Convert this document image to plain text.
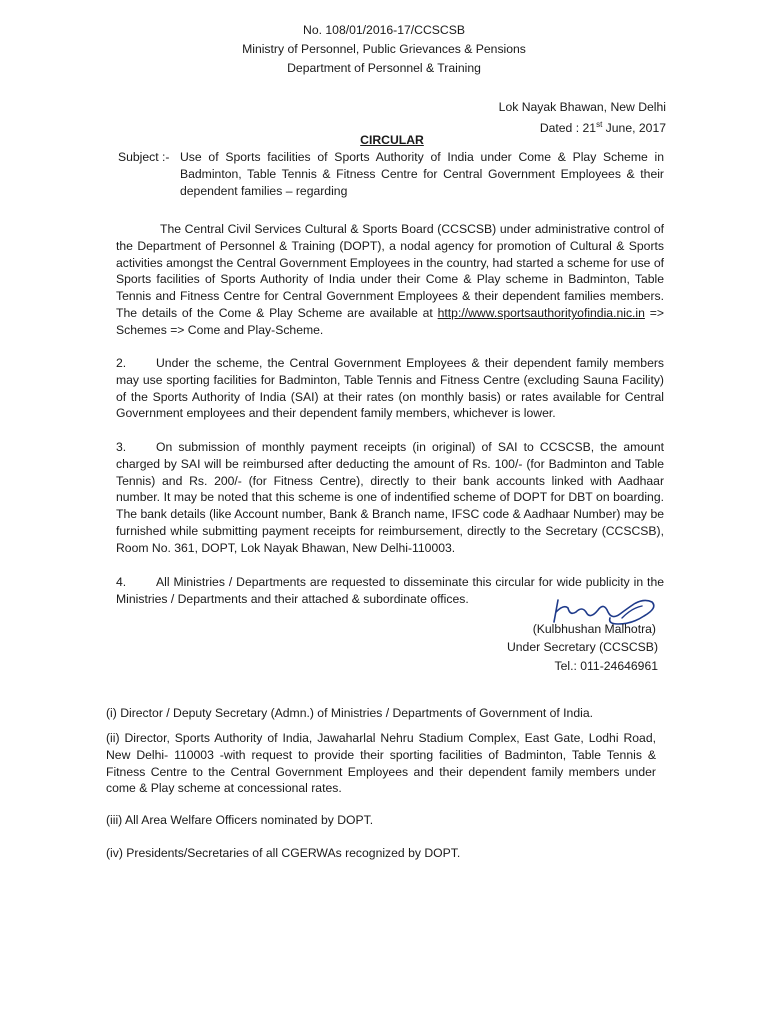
No. 108/01/2016-17/CCSCSB
Ministry of Personnel, Public Grievances & Pensions
Department of Personnel & Training
Lok Nayak Bhawan, New Delhi
Dated : 21st June, 2017
CIRCULAR
Subject :- Use of Sports facilities of Sports Authority of India under Come & Play Scheme in Badminton, Table Tennis & Fitness Centre for Central Government Employees & their dependent families – regarding
The Central Civil Services Cultural & Sports Board (CCSCSB) under administrative control of the Department of Personnel & Training (DOPT), a nodal agency for promotion of Cultural & Sports activities amongst the Central Government Employees in the country, had started a scheme for use of Sports facilities of Sports Authority of India under their Come & Play scheme in Badminton, Table Tennis and Fitness Centre for Central Government Employees & their dependent families members. The details of the Come & Play Scheme are available at http://www.sportsauthorityofindia.nic.in => Schemes => Come and Play-Scheme.
2. Under the scheme, the Central Government Employees & their dependent family members may use sporting facilities for Badminton, Table Tennis and Fitness Centre (excluding Sauna Facility) of the Sports Authority of India (SAI) at their rates (on monthly basis) or rates available for Central Government employees and their dependent family members, whichever is lower.
3. On submission of monthly payment receipts (in original) of SAI to CCSCSB, the amount charged by SAI will be reimbursed after deducting the amount of Rs. 100/- (for Badminton and Table Tennis) and Rs. 200/- (for Fitness Centre), directly to their bank accounts linked with Aadhaar number. It may be noted that this scheme is one of indentified scheme of DOPT for DBT on boarding. The bank details (like Account number, Bank & Branch name, IFSC code & Aadhaar Number) may be furnished while submitting payment receipts for reimbursement, directly to the Secretary (CCSCSB), Room No. 361, DOPT, Lok Nayak Bhawan, New Delhi-110003.
4. All Ministries / Departments are requested to disseminate this circular for wide publicity in the Ministries / Departments and their attached & subordinate offices.
(Kulbhushan Malhotra)
Under Secretary (CCSCSB)
Tel.: 011-24646961
(i) Director / Deputy Secretary (Admn.) of Ministries / Departments of Government of India.
(ii) Director, Sports Authority of India, Jawaharlal Nehru Stadium Complex, East Gate, Lodhi Road, New Delhi- 110003 -with request to provide their sporting facilities of Badminton, Table Tennis & Fitness Centre to the Central Government Employees and their dependent family members under come & Play scheme at concessional rates.
(iii) All Area Welfare Officers nominated by DOPT.
(iv) Presidents/Secretaries of all CGERWAs recognized by DOPT.
